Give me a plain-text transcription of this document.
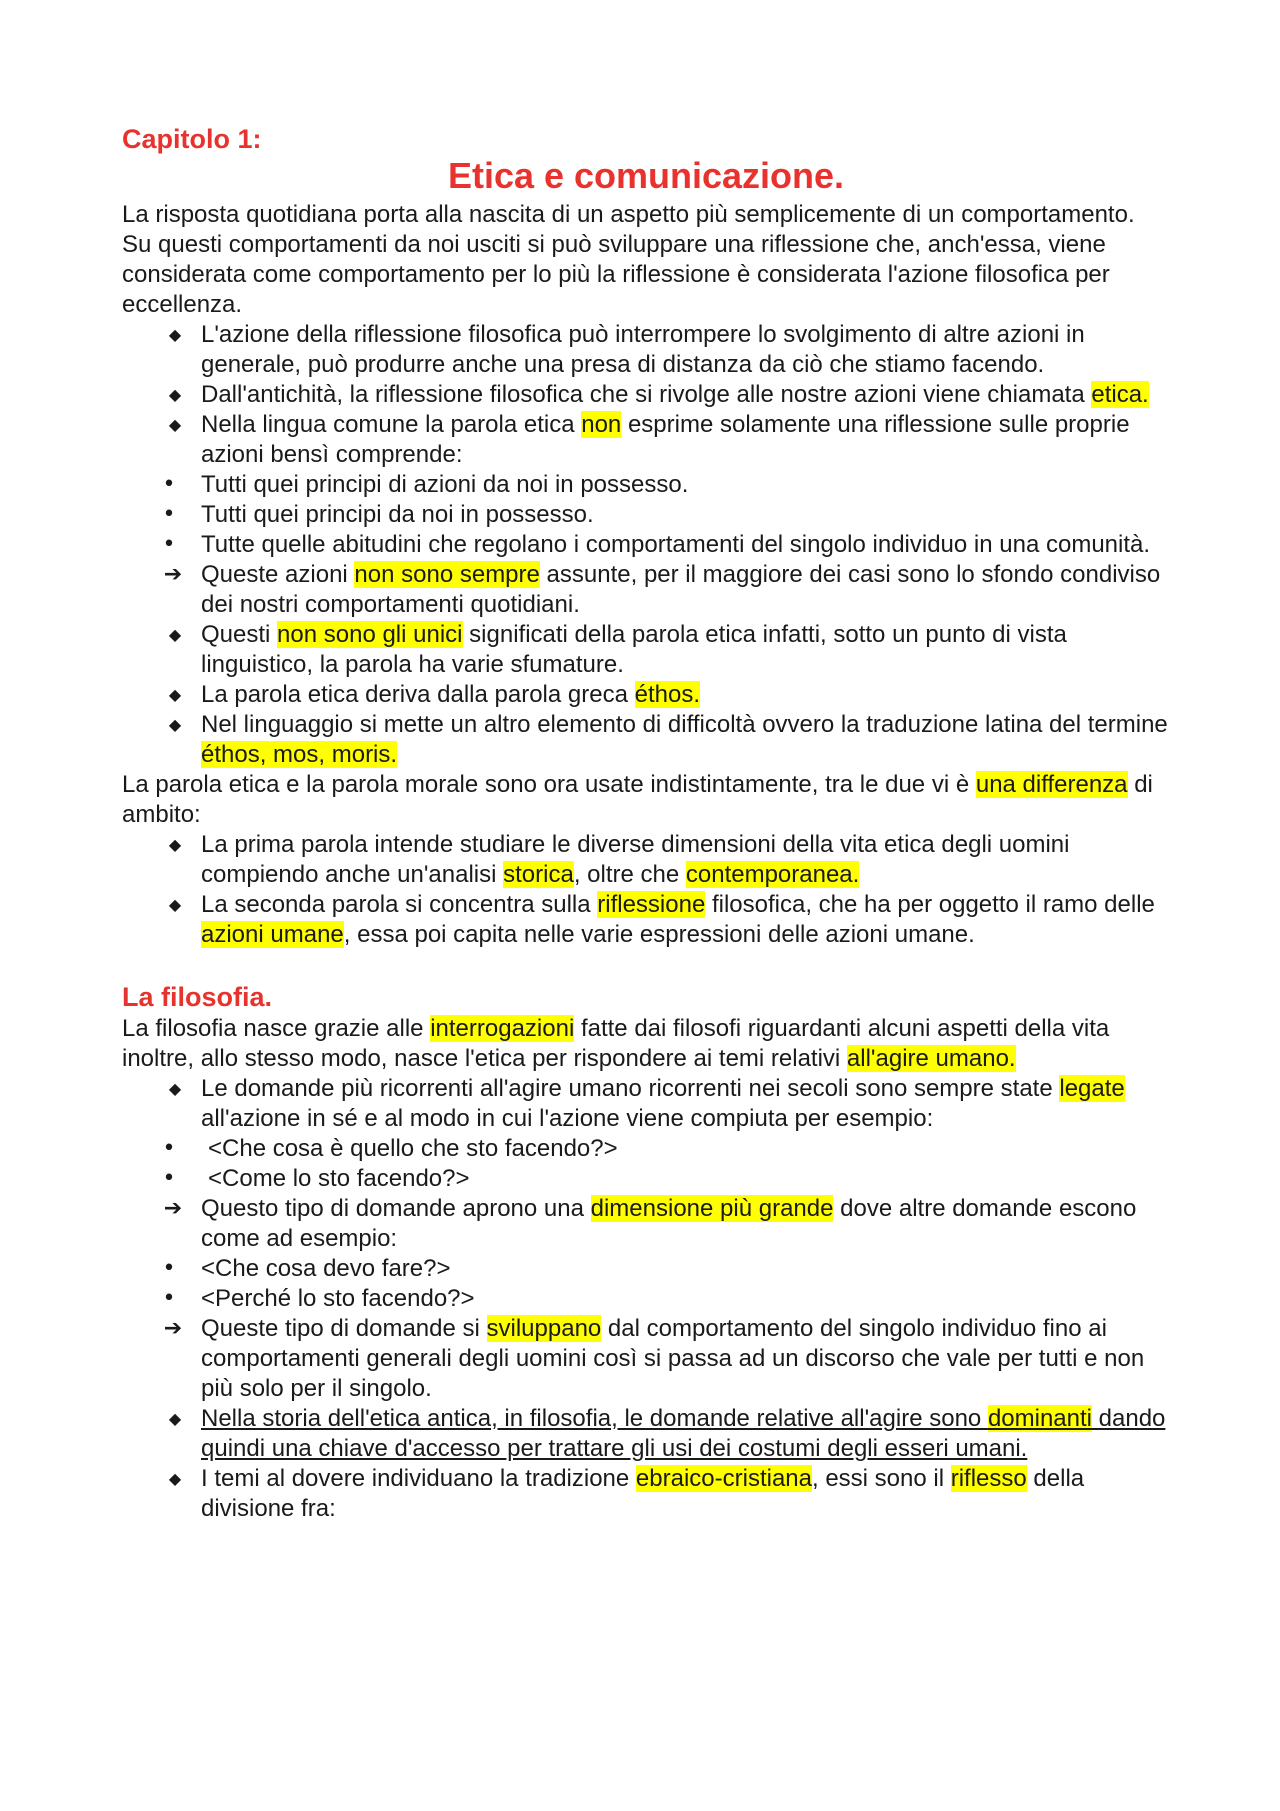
Capitolo 1:

Etica e comunicazione.

La risposta quotidiana porta alla nascita di un aspetto più semplicemente di un comportamento.

Su questi comportamenti da noi usciti si può sviluppare una riflessione che, anch'essa, viene considerata come comportamento per lo più la riflessione è considerata l'azione filosofica per eccellenza.

◆ L'azione della riflessione filosofica può interrompere lo svolgimento di altre azioni in generale, può produrre anche una presa di distanza da ciò che stiamo facendo.
◆ Dall'antichità, la riflessione filosofica che si rivolge alle nostre azioni viene chiamata etica.
◆ Nella lingua comune la parola etica non esprime solamente una riflessione sulle proprie azioni bensì comprende:
•	Tutti quei principi di azioni da noi in possesso.
•	Tutti quei principi da noi in possesso.
•	Tutte quelle abitudini che regolano i comportamenti del singolo individuo in una comunità.
➔ Queste azioni non sono sempre assunte, per il maggiore dei casi sono lo sfondo condiviso dei nostri comportamenti quotidiani.
◆ Questi non sono gli unici significati della parola etica infatti, sotto un punto di vista linguistico, la parola ha varie sfumature.
◆ La parola etica deriva dalla parola greca éthos.
◆ Nel linguaggio si mette un altro elemento di difficoltà ovvero la traduzione latina del termine éthos, mos, moris.

La parola etica e la parola morale sono ora usate indistintamente, tra le due vi è una differenza di ambito:

◆ La prima parola intende studiare le diverse dimensioni della vita etica degli uomini compiendo anche un'analisi storica, oltre che contemporanea.
◆ La seconda parola si concentra sulla riflessione filosofica, che ha per oggetto il ramo delle azioni umane, essa poi capita nelle varie espressioni delle azioni umane.
La filosofia.

La filosofia nasce grazie alle interrogazioni fatte dai filosofi riguardanti alcuni aspetti della vita inoltre, allo stesso modo, nasce l'etica per rispondere ai temi relativi all'agire umano.

◆ Le domande più ricorrenti all'agire umano ricorrenti nei secoli sono sempre state legate all'azione in sé e al modo in cui l'azione viene compiuta per esempio:
•	<Che cosa è quello che sto facendo?>
•	<Come lo sto facendo?>
➔ Questo tipo di domande aprono una dimensione più grande dove altre domande escono come ad esempio:
•	<Che cosa devo fare?>
•	<Perché lo sto facendo?>
➔ Queste tipo di domande si sviluppano dal comportamento del singolo individuo fino ai comportamenti generali degli uomini così si passa ad un discorso che vale per tutti e non più solo per il singolo.
◆ Nella storia dell'etica antica, in filosofia, le domande relative all'agire sono dominanti dando quindi una chiave d'accesso per trattare gli usi dei costumi degli esseri umani.
◆ I temi al dovere individuano la tradizione ebraico-cristiana, essi sono il riflesso della divisione fra:
